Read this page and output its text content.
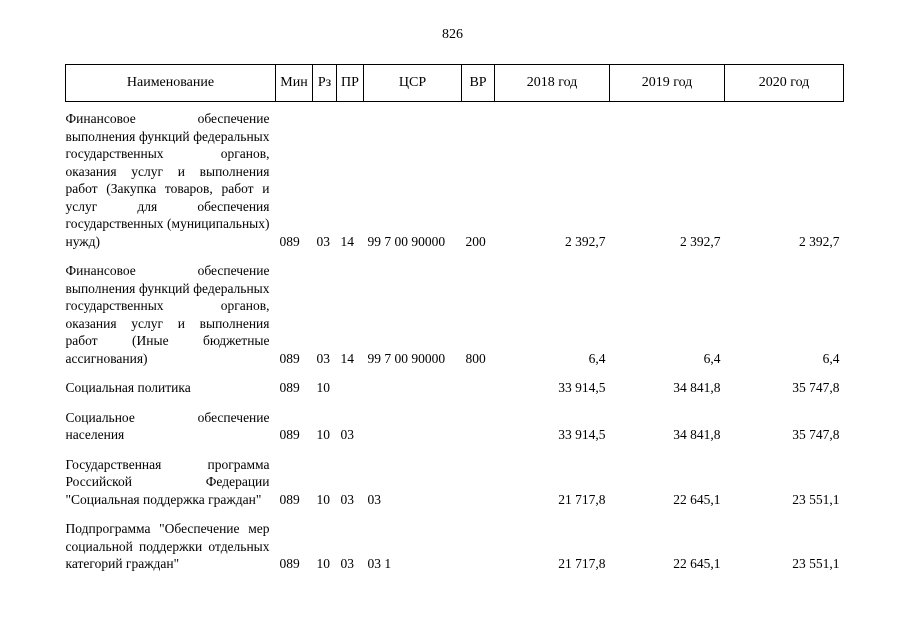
826
Наименование	Мин	Рз	ПР	ЦСР	ВР	2018 год	2019 год	2020 год
Финансовое обеспечение выполнения функций федеральных государственных органов, оказания услуг и выполнения работ (Закупка товаров, работ и услуг для обеспечения государственных (муниципальных) нужд)	089	03	14	99 7 00 90000	200	2 392,7	2 392,7	2 392,7
Финансовое обеспечение выполнения функций федеральных государственных органов, оказания услуг и выполнения работ (Иные бюджетные ассигнования)	089	03	14	99 7 00 90000	800	6,4	6,4	6,4
Социальная политика	089	10				33 914,5	34 841,8	35 747,8
Социальное обеспечение населения	089	10	03			33 914,5	34 841,8	35 747,8
Государственная программа Российской Федерации "Социальная поддержка граждан"	089	10	03	03		21 717,8	22 645,1	23 551,1
Подпрограмма "Обеспечение мер социальной поддержки отдельных категорий граждан"	089	10	03	03 1		21 717,8	22 645,1	23 551,1
